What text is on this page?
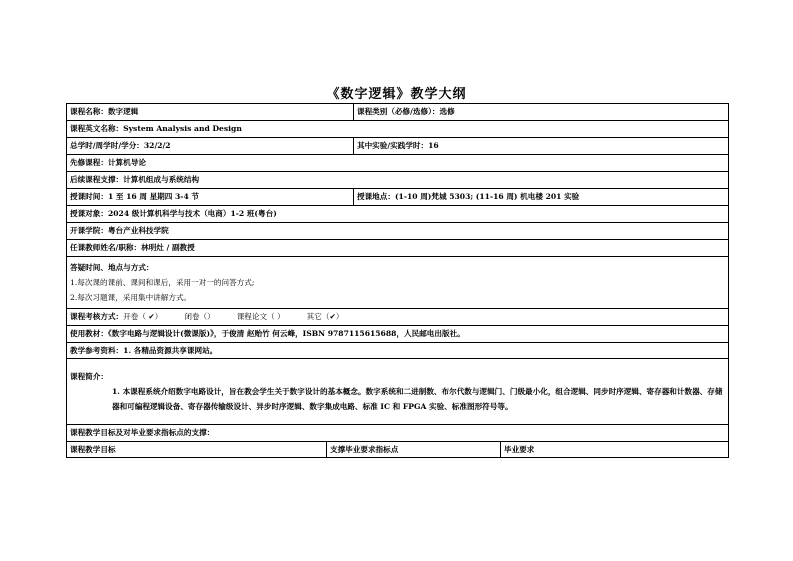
《数字逻辑》教学大纲
课程名称：数字逻辑		课程类别（必修/选修）：选修	
课程英文名称：System Analysis and Design			
总学时/周学时/学分：32/2/2		其中实验/实践学时：16	
先修课程：计算机导论			
后续课程支撑：计算机组成与系统结构			
授课时间：1 至 16 周 星期四 3-4 节		授课地点：(1-10 周)梵城 5303; (11-16 周) 机电楼 201 实验	
授课对象：2024 级计算机科学与技术（电商）1-2 班(粤台)			
开课学院：粤台产业科技学院			
任课教师姓名/职称：林明灶 / 副教授			

答疑时间、地点与方式：
1.每次课的课前、课间和课后，采用一对一的问答方式;
2.每次习题课，采用集中讲解方式。			

课程考核方式：开卷（ ✔） 闭卷（） 课程论文（ ） 其它（✔）			
使用教材：《数字电路与逻辑设计(微课版)》，于俊清 赵贻竹 何云峰，ISBN 9787115615688，人民邮电出版社。			
教学参考资料：1. 各精品资源共享课网站。			

课程简介：
1. 本课程系统介绍数字电路设计，旨在教会学生关于数字设计的基本概念。数字系统和二进制数、布尔代数与逻辑门、门级最小化，组合逻辑、同步时序逻辑、寄存器和计数器、存储器和可编程逻辑设备、寄存器传输级设计、异步时序逻辑、数字集成电路、标准 IC 和 FPGA 实验、标准图形符号等。			

课程教学目标及对毕业要求指标点的支撑：			
课程教学目标	支撑毕业要求指标点		毕业要求
